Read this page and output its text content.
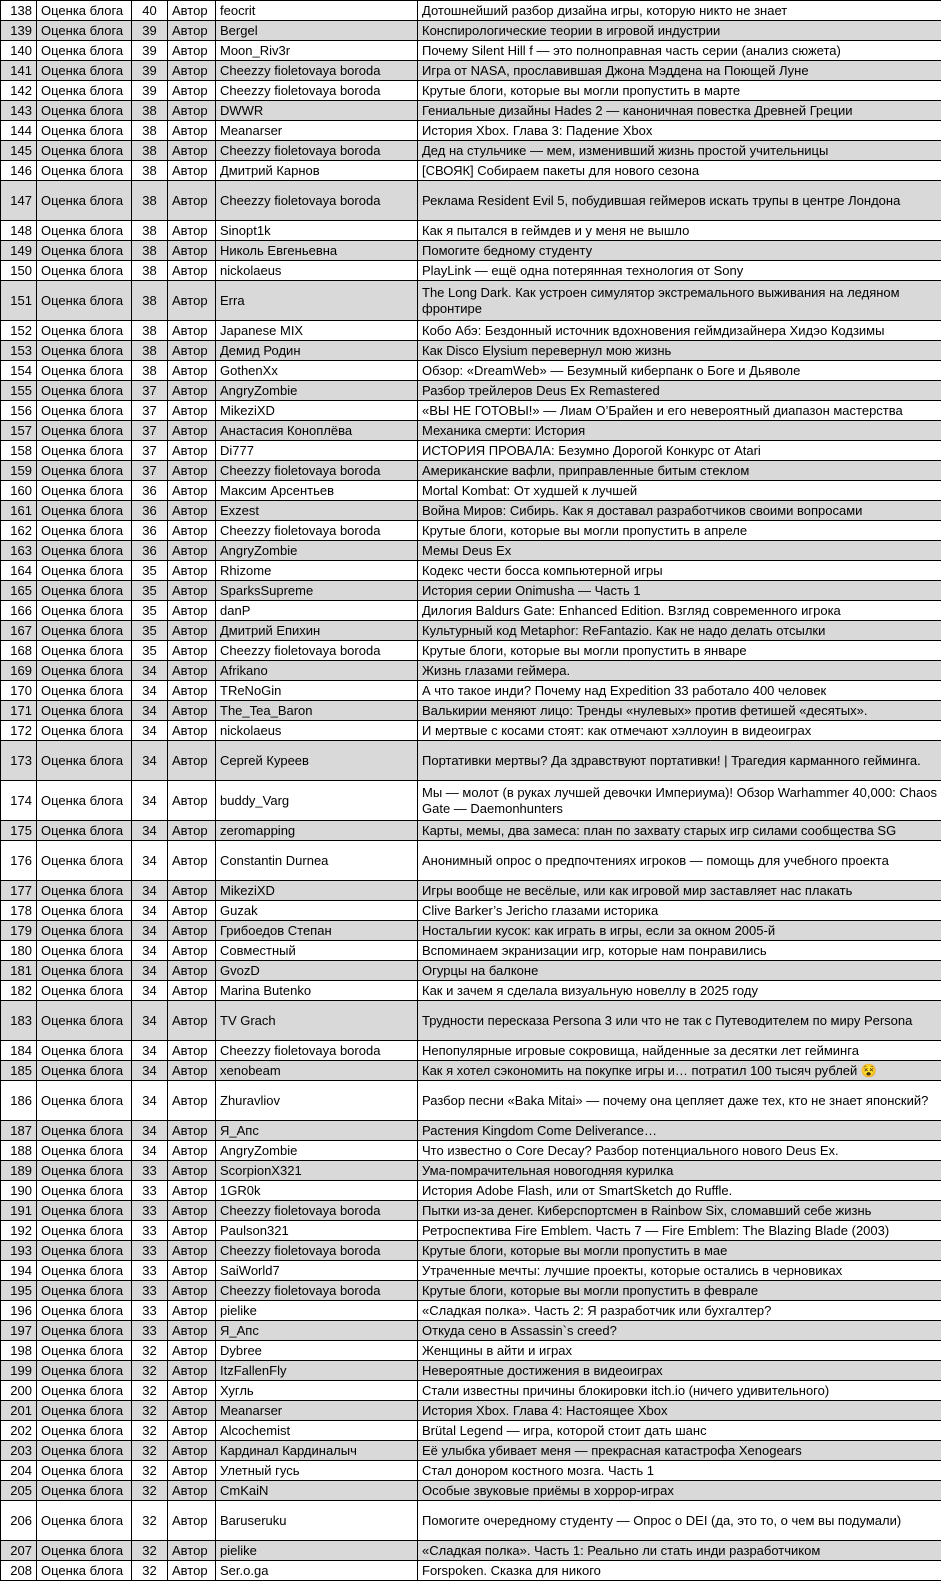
138	Оценка блога	40	Автор	feocrit	Дотошнейший разбор дизайна игры, которую никто не знает
139	Оценка блога	39	Автор	Bergel	Конспирологические теории в игровой индустрии
140	Оценка блога	39	Автор	Moon_Riv3r	Почему Silent Hill f — это полноправная часть серии (анализ сюжета)
141	Оценка блога	39	Автор	Cheezzy fioletovaya boroda	Игра от NASA, прославившая Джона Мэддена на Поющей Луне
142	Оценка блога	39	Автор	Cheezzy fioletovaya boroda	Крутые блоги, которые вы могли пропустить в марте
143	Оценка блога	38	Автор	DWWR	Гениальные дизайны Hades 2 — каноничная повестка Древней Греции
144	Оценка блога	38	Автор	Meanarser	История Xbox. Глава 3: Падение Xbox
145	Оценка блога	38	Автор	Cheezzy fioletovaya boroda	Дед на стульчике — мем, изменивший жизнь простой учительницы
146	Оценка блога	38	Автор	Дмитрий Карнов	[СВОЯК] Собираем пакеты для нового сезона
147	Оценка блога	38	Автор	Cheezzy fioletovaya boroda	Реклама Resident Evil 5, побудившая геймеров искать трупы в центре Лондона
148	Оценка блога	38	Автор	Sinopt1k	Как я пытался в геймдев и у меня не вышло
149	Оценка блога	38	Автор	Николь Евгеньевна	Помогите бедному студенту
150	Оценка блога	38	Автор	nickolaeus	PlayLink — ещё одна потерянная технология от Sony
151	Оценка блога	38	Автор	Erra	The Long Dark. Как устроен симулятор экстремального выживания на ледяном фронтире
152	Оценка блога	38	Автор	Japanese MIX	Кобо Абэ: Бездонный источник вдохновения геймдизайнера Хидэо Кодзимы
153	Оценка блога	38	Автор	Демид Родин	Как Disco Elysium перевернул мою жизнь
154	Оценка блога	38	Автор	GothenXx	Обзор: «DreamWeb» — Безумный киберпанк о Боге и Дьяволе
155	Оценка блога	37	Автор	AngryZombie	Разбор трейлеров Deus Ex Remastered
156	Оценка блога	37	Автор	MikeziXD	«ВЫ НЕ ГОТОВЫ!» — Лиам О’Брайен и его невероятный диапазон мастерства
157	Оценка блога	37	Автор	Анастасия Коноплёва	Механика смерти: История
158	Оценка блога	37	Автор	Di777	ИСТОРИЯ ПРОВАЛА: Безумно Дорогой Конкурс от Atari
159	Оценка блога	37	Автор	Cheezzy fioletovaya boroda	Американские вафли, приправленные битым стеклом
160	Оценка блога	36	Автор	Максим Арсентьев	Mortal Kombat: От худшей к лучшей
161	Оценка блога	36	Автор	Exzest	Война Миров: Сибирь. Как я доставал разработчиков своими вопросами
162	Оценка блога	36	Автор	Cheezzy fioletovaya boroda	Крутые блоги, которые вы могли пропустить в апреле
163	Оценка блога	36	Автор	AngryZombie	Мемы Deus Ex
164	Оценка блога	35	Автор	Rhizome	Кодекс чести босса компьютерной игры
165	Оценка блога	35	Автор	SparksSupreme	История серии Onimusha — Часть 1
166	Оценка блога	35	Автор	danP	Дилогия Baldurs Gate: Enhanced Edition. Взгляд современного игрока
167	Оценка блога	35	Автор	Дмитрий Епихин	Культурный код Metaphor: ReFantazio. Как не надо делать отсылки
168	Оценка блога	35	Автор	Cheezzy fioletovaya boroda	Крутые блоги, которые вы могли пропустить в январе
169	Оценка блога	34	Автор	Afrikano	Жизнь глазами геймера.
170	Оценка блога	34	Автор	TReNoGin	А что такое инди? Почему над Expedition 33 работало 400 человек
171	Оценка блога	34	Автор	The_Tea_Baron	Валькирии меняют лицо: Тренды «нулевых» против фетишей «десятых».
172	Оценка блога	34	Автор	nickolaeus	И мертвые с косами стоят: как отмечают хэллоуин в видеоиграх
173	Оценка блога	34	Автор	Сергей Куреев	Портативки мертвы? Да здравствуют портативки! | Трагедия карманного гейминга.
174	Оценка блога	34	Автор	buddy_Varg	Мы — молот (в руках лучшей девочки Империума)! Обзор Warhammer 40,000: Chaos Gate — Daemonhunters
175	Оценка блога	34	Автор	zeromapping	Карты, мемы, два замеса: план по захвату старых игр силами сообщества SG
176	Оценка блога	34	Автор	Constantin Durnea	Анонимный опрос о предпочтениях игроков — помощь для учебного проекта
177	Оценка блога	34	Автор	MikeziXD	Игры вообще не весёлые, или как игровой мир заставляет нас плакать
178	Оценка блога	34	Автор	Guzak	Clive Barker’s Jericho глазами историка
179	Оценка блога	34	Автор	Грибоедов Степан	Ностальгии кусок: как играть в игры, если за окном 2005-й
180	Оценка блога	34	Автор	Совместный	Вспоминаем экранизации игр, которые нам понравились
181	Оценка блога	34	Автор	GvozD	Огурцы на балконе
182	Оценка блога	34	Автор	Marina Butenko	Как и зачем я сделала визуальную новеллу в 2025 году
183	Оценка блога	34	Автор	TV Grach	Трудности пересказа Persona 3 или что не так с Путеводителем по миру Persona
184	Оценка блога	34	Автор	Cheezzy fioletovaya boroda	Непопулярные игровые сокровища, найденные за десятки лет гейминга
185	Оценка блога	34	Автор	xenobeam	Как я хотел сэкономить на покупке игры и… потратил 100 тысяч рублей 😵
186	Оценка блога	34	Автор	Zhuravliov	Разбор песни «Baka Mitai» — почему она цепляет даже тех, кто не знает японский?
187	Оценка блога	34	Автор	Я_Апс	Растения Kingdom Come Deliverance…
188	Оценка блога	34	Автор	AngryZombie	Что известно о Core Decay? Разбор потенциального нового Deus Ex.
189	Оценка блога	33	Автор	ScorpionX321	Ума-помрачительная новогодняя курилка
190	Оценка блога	33	Автор	1GR0k	История Adobe Flash, или от SmartSketch до Ruffle.
191	Оценка блога	33	Автор	Cheezzy fioletovaya boroda	Пытки из-за денег. Киберспортсмен в Rainbow Six, сломавший себе жизнь
192	Оценка блога	33	Автор	Paulson321	Ретроспектива Fire Emblem. Часть 7 — Fire Emblem: The Blazing Blade (2003)
193	Оценка блога	33	Автор	Cheezzy fioletovaya boroda	Крутые блоги, которые вы могли пропустить в мае
194	Оценка блога	33	Автор	SaiWorld7	Утраченные мечты: лучшие проекты, которые остались в черновиках
195	Оценка блога	33	Автор	Cheezzy fioletovaya boroda	Крутые блоги, которые вы могли пропустить в феврале
196	Оценка блога	33	Автор	pielike	«Сладкая полка». Часть 2: Я разработчик или бухгалтер?
197	Оценка блога	33	Автор	Я_Апс	Откуда сено в Assassin`s creed?
198	Оценка блога	32	Автор	Dybree	Женщины в айти и играх
199	Оценка блога	32	Автор	ItzFallenFly	Невероятные достижения в видеоиграх
200	Оценка блога	32	Автор	Хугль	Стали известны причины блокировки itch.io (ничего удивительного)
201	Оценка блога	32	Автор	Meanarser	История Xbox. Глава 4: Настоящее Xbox
202	Оценка блога	32	Автор	Alcochemist	Brütal Legend — игра, которой стоит дать шанс
203	Оценка блога	32	Автор	Кардинал Кардиналыч	Её улыбка убивает меня — прекрасная катастрофа Xenogears
204	Оценка блога	32	Автор	Улетный гусь	Стал донором костного мозга. Часть 1
205	Оценка блога	32	Автор	CmKaiN	Особые звуковые приёмы в хоррор-играх
206	Оценка блога	32	Автор	Baruseruku	Помогите очередному студенту — Опрос о DEI (да, это то, о чем вы подумали)
207	Оценка блога	32	Автор	pielike	«Сладкая полка». Часть 1: Реально ли стать инди разработчиком
208	Оценка блога	32	Автор	Ser.o.ga	Forspoken. Сказка для никого
